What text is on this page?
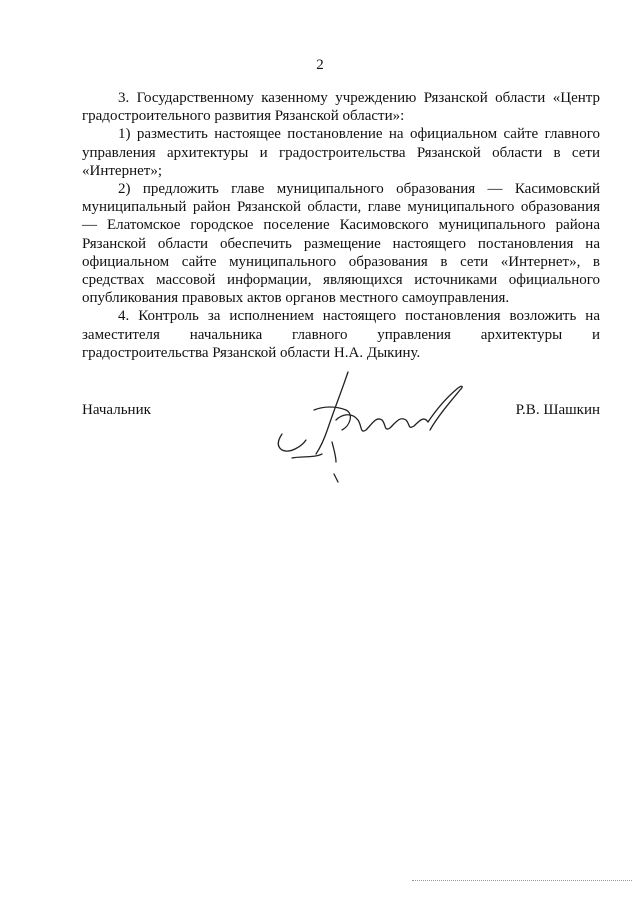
2

3. Государственному казенному учреждению Рязанской области «Центр градостроительного развития Рязанской области»:

1) разместить настоящее постановление на официальном сайте главного управления архитектуры и градостроительства Рязанской области в сети «Интернет»;

2) предложить главе муниципального образования — Касимовский муниципальный район Рязанской области, главе муниципального образования — Елатомское городское поселение Касимовского муниципального района Рязанской области обеспечить размещение настоящего постановления на официальном сайте муниципального образования в сети «Интернет», в средствах массовой информации, являющихся источниками официального опубликования правовых актов органов местного самоуправления.

4. Контроль за исполнением настоящего постановления возложить на заместителя начальника главного управления архитектуры и градостроительства Рязанской области Н.А. Дыкину.

Начальник	Р.В. Шашкин
